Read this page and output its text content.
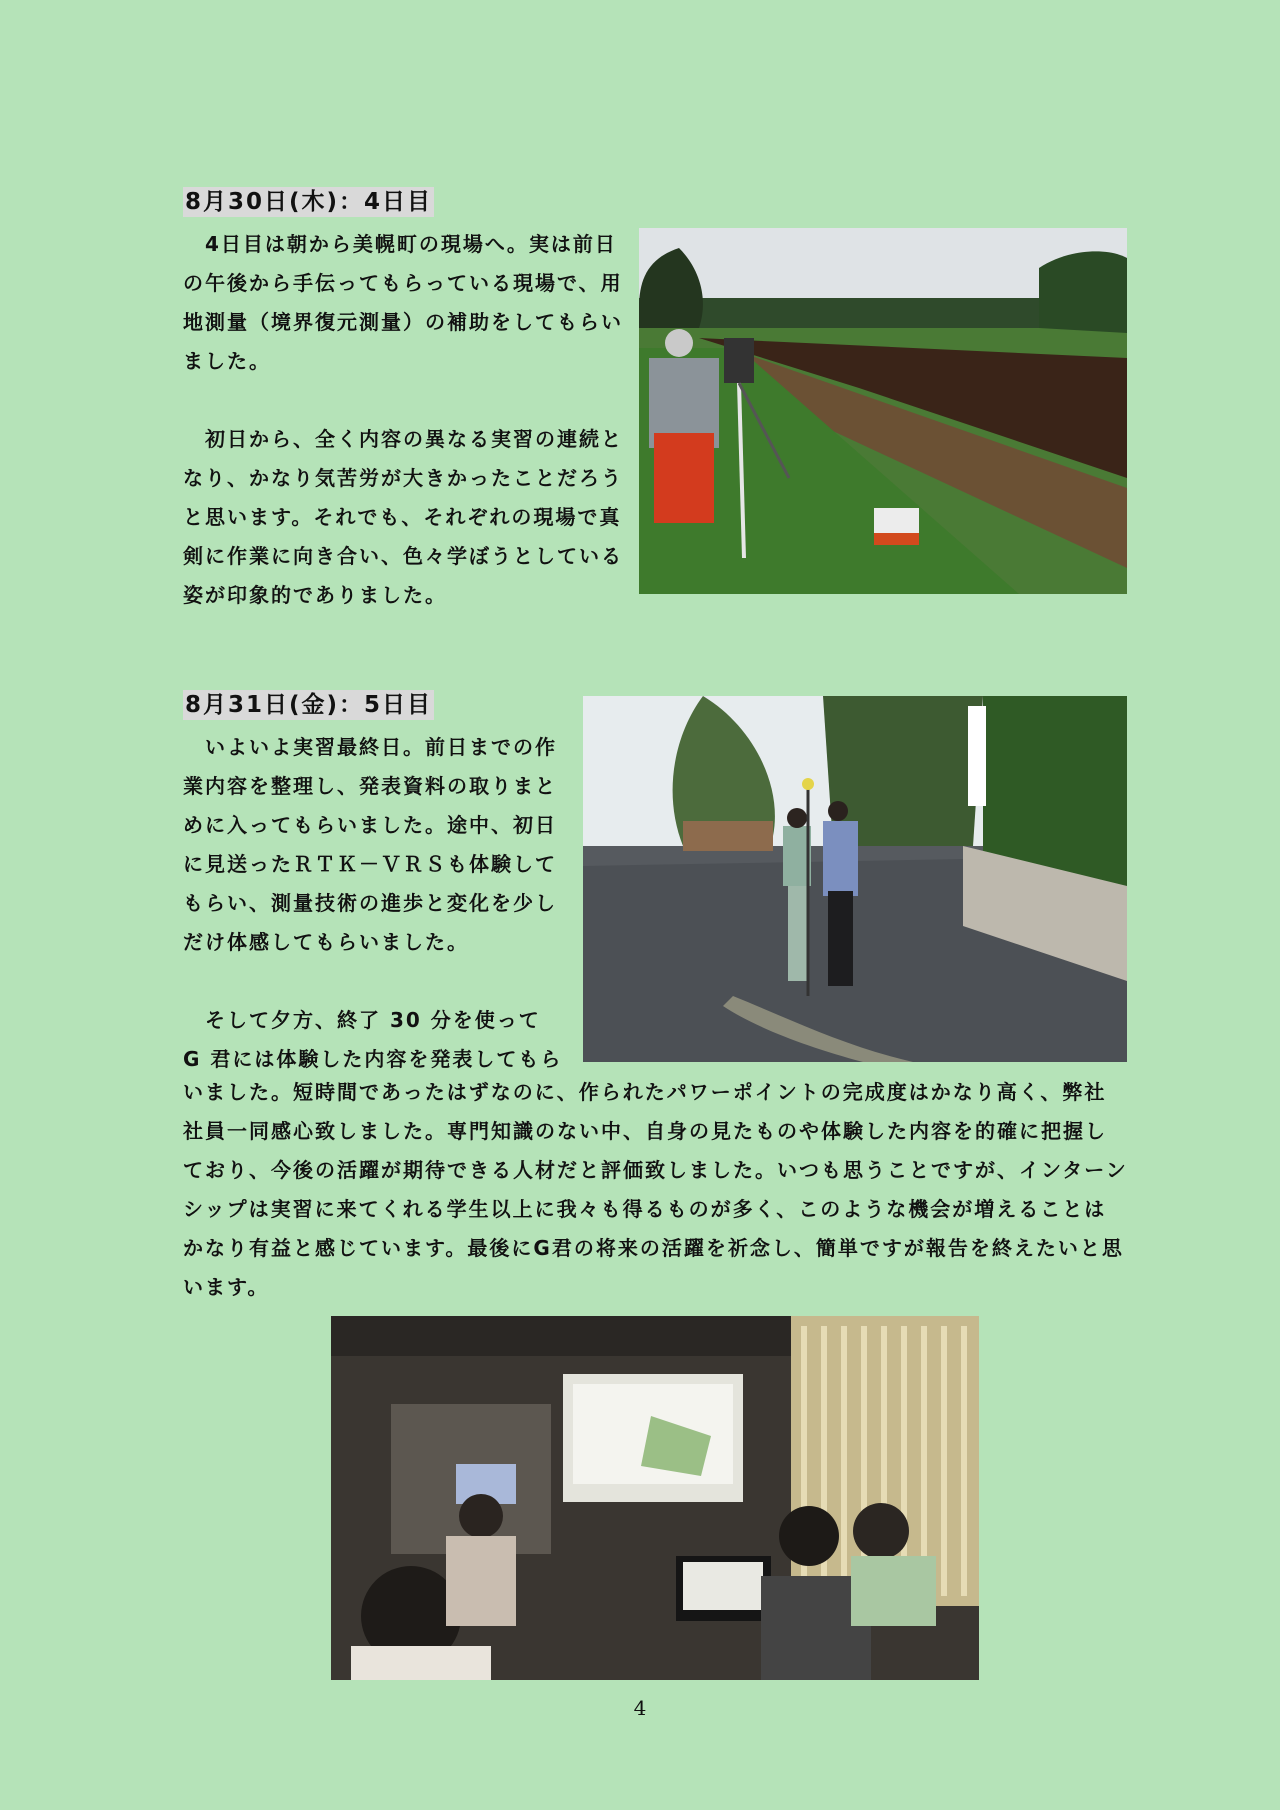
8月30日(木)：4日目

　4日目は朝から美幌町の現場へ。実は前日の午後から手伝ってもらっている現場で、用地測量（境界復元測量）の補助をしてもらいました。

　初日から、全く内容の異なる実習の連続となり、かなり気苦労が大きかったことだろうと思います。それでも、それぞれの現場で真剣に作業に向き合い、色々学ぼうとしている姿が印象的でありました。

8月31日(金)：5日目

　いよいよ実習最終日。前日までの作業内容を整理し、発表資料の取りまとめに入ってもらいました。途中、初日に見送ったＲＴＫ－ＶＲＳも体験してもらい、測量技術の進歩と変化を少しだけ体感してもらいました。

　そして夕方、終了 30 分を使って G 君には体験した内容を発表してもら

いました。短時間であったはずなのに、作られたパワーポイントの完成度はかなり高く、弊社社員一同感心致しました。専門知識のない中、自身の見たものや体験した内容を的確に把握しており、今後の活躍が期待できる人材だと評価致しました。いつも思うことですが、インターンシップは実習に来てくれる学生以上に我々も得るものが多く、このような機会が増えることはかなり有益と感じています。最後にG君の将来の活躍を祈念し、簡単ですが報告を終えたいと思います。

4
